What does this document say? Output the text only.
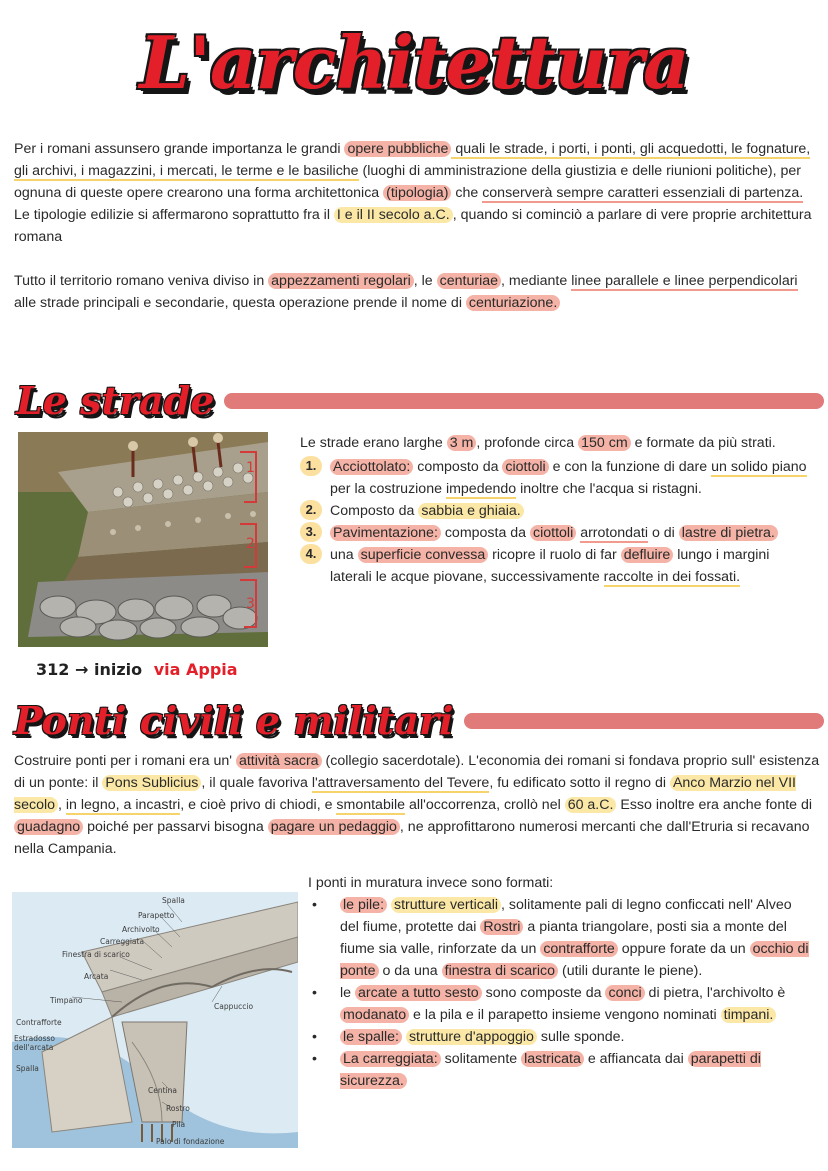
L'architettura

Per i romani assunsero grande importanza le grandi opere pubbliche quali le strade, i porti, i ponti, gli acquedotti, le fognature, gli archivi, i magazzini, i mercati, le terme e le basiliche (luoghi di amministrazione della giustizia e delle riunioni politiche), per ognuna di queste opere crearono una forma architettonica (tipologia) che conserverà sempre caratteri essenziali di partenza. Le tipologie edilizie si affermarono soprattutto fra il I e il II secolo a.C. , quando si cominciò a parlare di vere proprie architettura romana

Tutto il territorio romano veniva diviso in appezzamenti regolari , le centuriae , mediante linee parallele e linee perpendicolari alle strade principali e secondarie, questa operazione prende il nome di centuriazione.

Le strade
1
2
3
312 → inizio via Appia

Le strade erano larghe 3 m , profonde circa 150 cm e formate da più strati.

1.	Acciottolato: composto da ciottoli e con la funzione di dare un solido piano per la costruzione impedendo inoltre che l'acqua si ristagni.
2. Composto da sabbia e ghiaia.
3.	Pavimentazione: composta da ciottoli arrotondati o di lastre di pietra.
4. una superficie convessa ricopre il ruolo di far defluire lungo i margini laterali le acque piovane, successivamente raccolte in dei fossati.
Ponti civili e militari

Costruire ponti per i romani era un' attività sacra (collegio sacerdotale). L'economia dei romani si fondava proprio sull' esistenza di un ponte: il Pons Sublicius , il quale favoriva l'attraversamento del Tevere, fu edificato sotto il regno di Anco Marzio nel VII secolo , in legno, a incastri, e cioè privo di chiodi, e smontabile all'occorrenza, crollò nel 60 a.C. Esso inoltre era anche fonte di guadagno poiché per passarvi bisogna pagare un pedaggio , ne approfittarono numerosi mercanti che dall'Etruria si recavano nella Campania.

Spalla
Parapetto
Archivolto
Carreggiata
Finestra di scarico
Arcata
Timpano
Contrafforte
Estradosso dell'arcata
Spalla
Cappuccio
Centina
Rostro
Pila
Palo di fondazione

I ponti in muratura invece sono formati:

• le pile: strutture verticali , solitamente pali di legno conficcati nell' Alveo del fiume, protette dai Rostri a pianta triangolare, posti sia a monte del fiume sia valle, rinforzate da un contrafforte oppure forate da un occhio di ponte o da una finestra di scarico (utili durante le piene).
• le arcate a tutto sesto sono composte da conci di pietra, l'archivolto è modanato e la pila e il parapetto insieme vengono nominati timpani.
• le spalle: strutture d'appoggio sulle sponde.
• La carreggiata: solitamente lastricata e affiancata dai parapetti di sicurezza.
